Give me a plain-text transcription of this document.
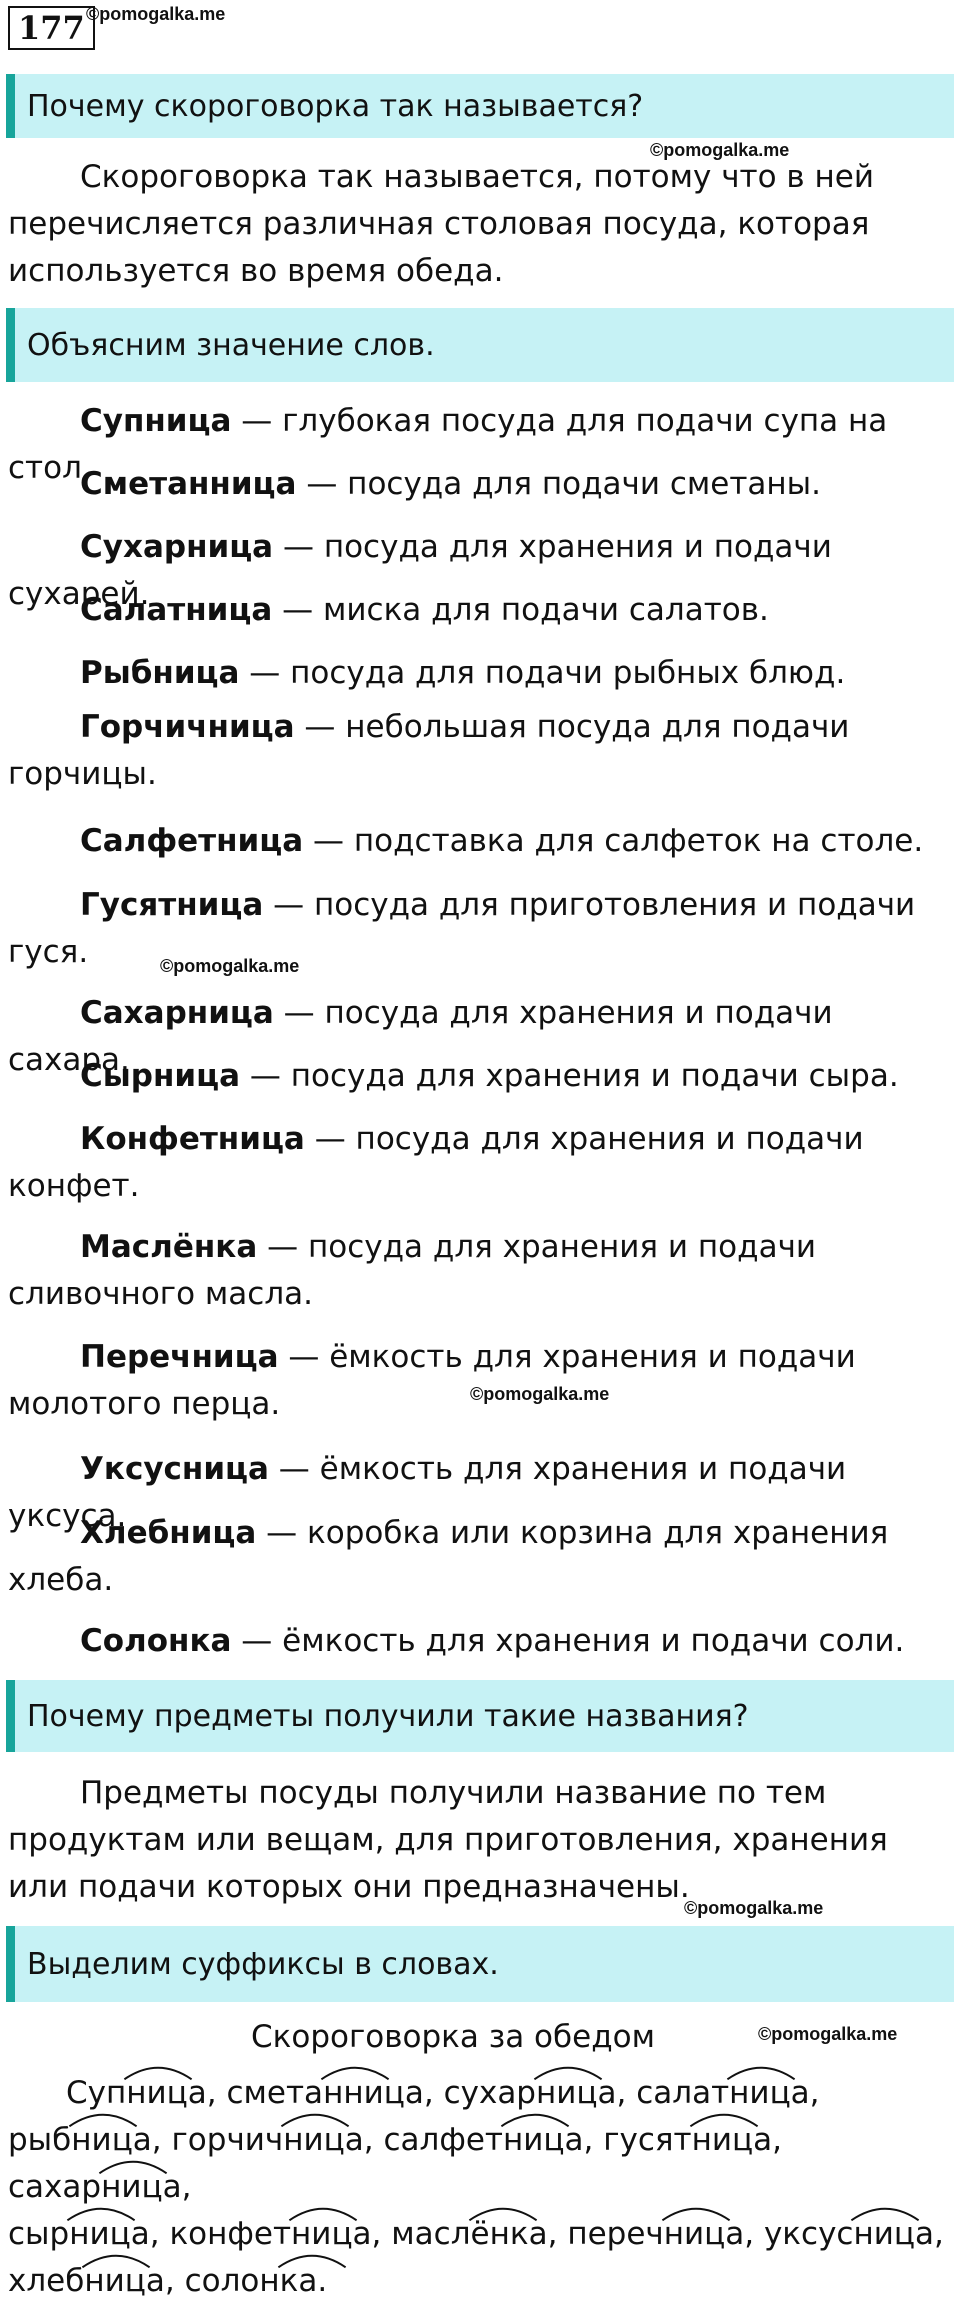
177 ©pomogalka.me
Почему скороговорка так называется?
©pomogalka.me
Скороговорка так называется, потому что в ней перечисляется различная столовая посуда, которая используется во время обеда.
Объясним значение слов.

Супница — глубокая посуда для подачи супа на стол.

Сметанница — посуда для подачи сметаны.

Сухарница — посуда для хранения и подачи сухарей.

Салатница — миска для подачи салатов.

Рыбница — посуда для подачи рыбных блюд.

Горчичница — небольшая посуда для подачи горчицы.

Салфетница — подставка для салфеток на столе.

Гусятница — посуда для приготовления и подачи гуся.

Сахарница — посуда для хранения и подачи сахара.

Сырница — посуда для хранения и подачи сыра.

Конфетница — посуда для хранения и подачи конфет.

Маслёнка — посуда для хранения и подачи сливочного масла.

Перечница — ёмкость для хранения и подачи молотого перца.

Уксусница — ёмкость для хранения и подачи уксуса.

Хлебница — коробка или корзина для хранения хлеба.

Солонка — ёмкость для хранения и подачи соли.

©pomogalka.me
©pomogalka.me
Почему предметы получили такие названия?
Предметы посуды получили название по тем продуктам или вещам, для приготовления, хранения или подачи которых они предназначены.
©pomogalka.me
Выделим суффиксы в словах.
Скороговорка за обедом	©pomogalka.me
Суп
ница, смета
нница, сухар
ница, салат
ница,
рыб
ница, горчич
ница, салфет
ница, гусят
ница, сахар
ница,
сыр
ница, конфет
ница, масл
ёнка, переч
ница, уксус
ница,
хлеб
ница, солон
ка.
